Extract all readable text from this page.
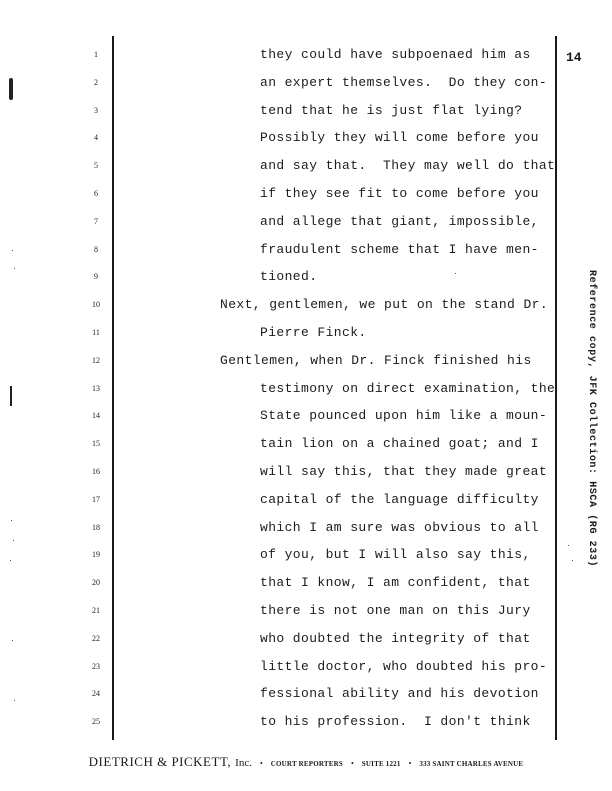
14
1	they could have subpoenaed him as
2	an expert themselves.  Do they con-
3	tend that he is just flat lying?
4	Possibly they will come before you
5	and say that.  They may well do that
6	if they see fit to come before you
7	and allege that giant, impossible,
8	fraudulent scheme that I have men-
9	tioned.
10	Next, gentlemen, we put on the stand Dr.
11	Pierre Finck.
12	Gentlemen, when Dr. Finck finished his
13	testimony on direct examination, the
14	State pounced upon him like a moun-
15	tain lion on a chained goat; and I
16	will say this, that they made great
17	capital of the language difficulty
18	which I am sure was obvious to all
19	of you, but I will also say this,
20	that I know, I am confident, that
21	there is not one man on this Jury
22	who doubted the integrity of that
23	little doctor, who doubted his pro-
24	fessional ability and his devotion
25	to his profession.  I don't think
Reference copy, JFK Collection: HSCA (RG 233)
DIETRICH & PICKETT, Inc. • COURT REPORTERS • SUITE 1221 • 333 SAINT CHARLES AVENUE
